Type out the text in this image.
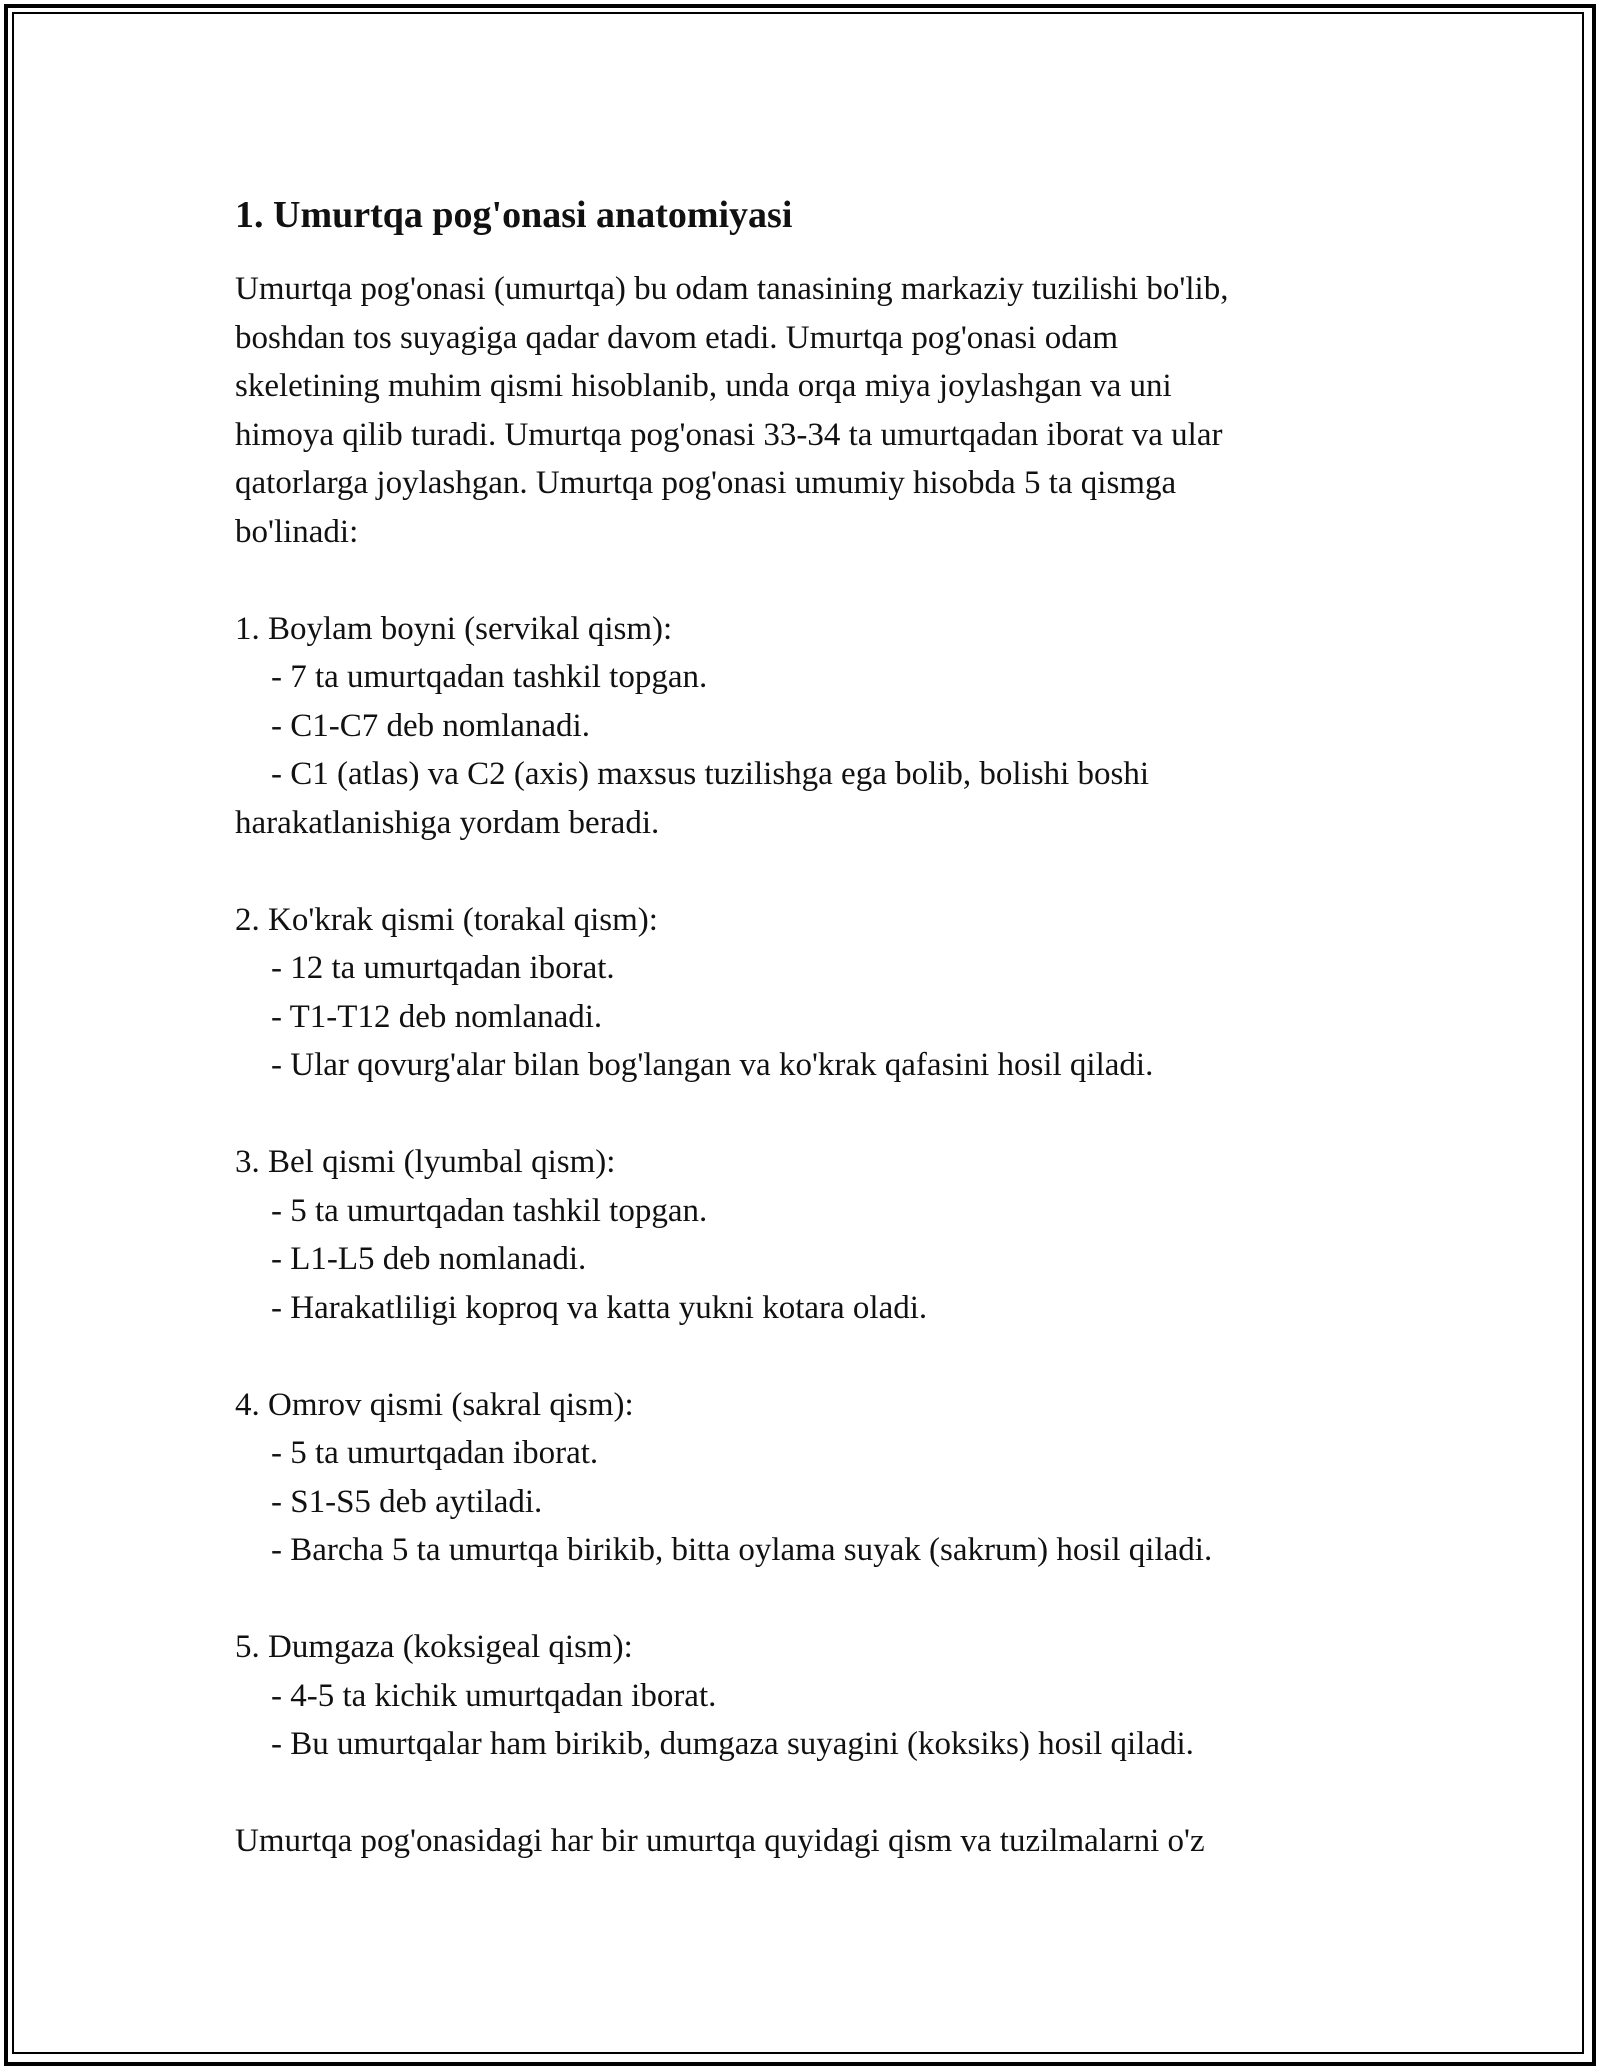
1. Umurtqa pog'onasi anatomiyasi

Umurtqa pog'onasi (umurtqa) bu odam tanasining markaziy tuzilishi bo'lib,
boshdan tos suyagiga qadar davom etadi. Umurtqa pog'onasi odam
skeletining muhim qismi hisoblanib, unda orqa miya joylashgan va uni
himoya qilib turadi. Umurtqa pog'onasi 33-34 ta umurtqadan iborat va ular
qatorlarga joylashgan. Umurtqa pog'onasi umumiy hisobda 5 ta qismga
bo'linadi:

1. Boylam boyni (servikal qism):
- 7 ta umurtqadan tashkil topgan.
- C1-C7 deb nomlanadi.
- C1 (atlas) va C2 (axis) maxsus tuzilishga ega bolib, bolishi boshi
harakatlanishiga yordam beradi.
2. Ko'krak qismi (torakal qism):
- 12 ta umurtqadan iborat.
- T1-T12 deb nomlanadi.
- Ular qovurg'alar bilan bog'langan va ko'krak qafasini hosil qiladi.
3. Bel qismi (lyumbal qism):
- 5 ta umurtqadan tashkil topgan.
- L1-L5 deb nomlanadi.
- Harakatliligi koproq va katta yukni kotara oladi.
4. Omrov qismi (sakral qism):
- 5 ta umurtqadan iborat.
- S1-S5 deb aytiladi.
- Barcha 5 ta umurtqa birikib, bitta oylama suyak (sakrum) hosil qiladi.
5. Dumgaza (koksigeal qism):
- 4-5 ta kichik umurtqadan iborat.
- Bu umurtqalar ham birikib, dumgaza suyagini (koksiks) hosil qiladi.
Umurtqa pog'onasidagi har bir umurtqa quyidagi qism va tuzilmalarni o'z
